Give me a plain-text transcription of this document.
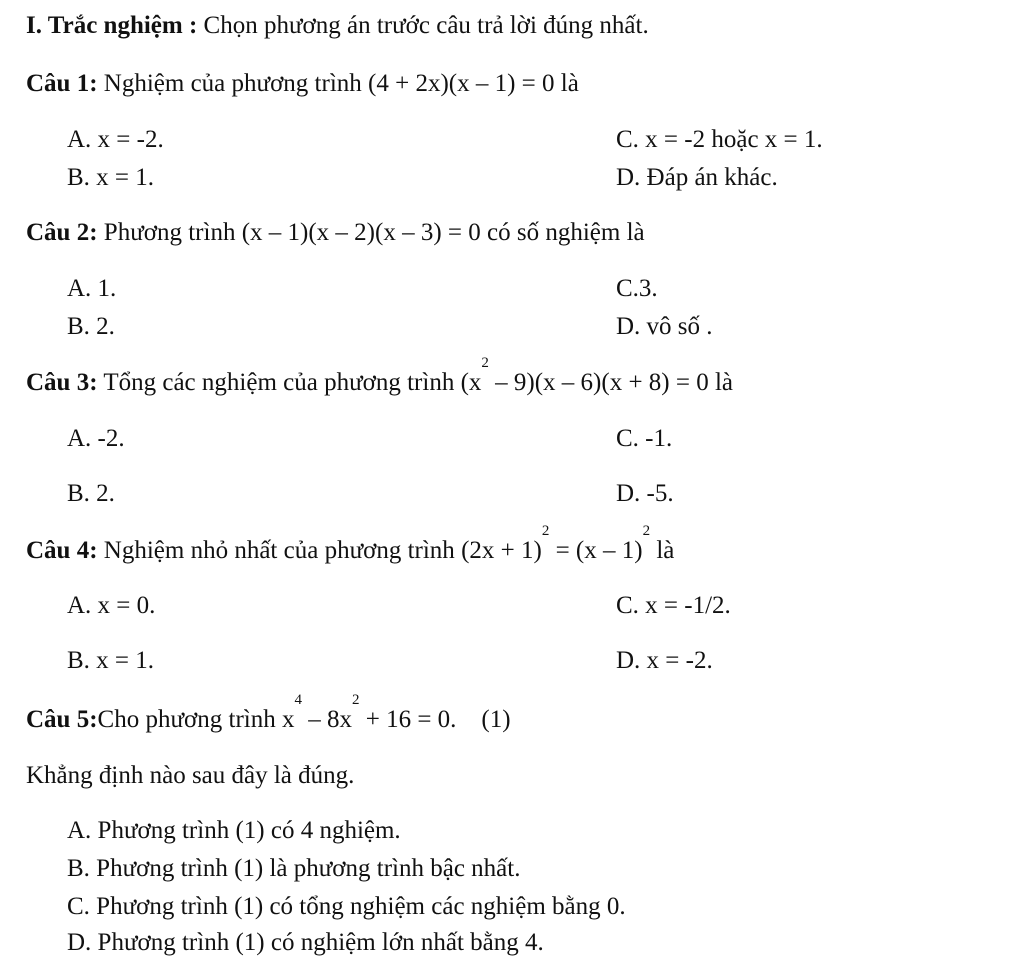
I. Trắc nghiệm : Chọn phương án trước câu trả lời đúng nhất.
Câu 1: Nghiệm của phương trình (4 + 2x)(x – 1) = 0 là
A. x = -2.	C. x = -2 hoặc x = 1.
B. x = 1.	D. Đáp án khác.
Câu 2: Phương trình (x – 1)(x – 2)(x – 3) = 0 có số nghiệm là
A. 1.	C.3.
B. 2.	D. vô số .
Câu 3: Tổng các nghiệm của phương trình $(x^2 - 9)(x - 6)(x + 8) = 0$ là
A. -2.	C. -1.
B. 2.	D. -5.
Câu 4: Nghiệm nhỏ nhất của phương trình $(2x + 1)^2 = (x - 1)^2$ là
A. x = 0.	C. x = -1/2.
B. x = 1.	D. x = -2.
Câu 5:Cho phương trình $x^4 - 8x^2 + 16 = 0$.    (1)
Khẳng định nào sau đây là đúng.
A. Phương trình (1) có 4 nghiệm.
B. Phương trình (1) là phương trình bậc nhất.
C. Phương trình (1) có tổng nghiệm các nghiệm bằng 0.
D. Phương trình (1) có nghiệm lớn nhất bằng 4.
